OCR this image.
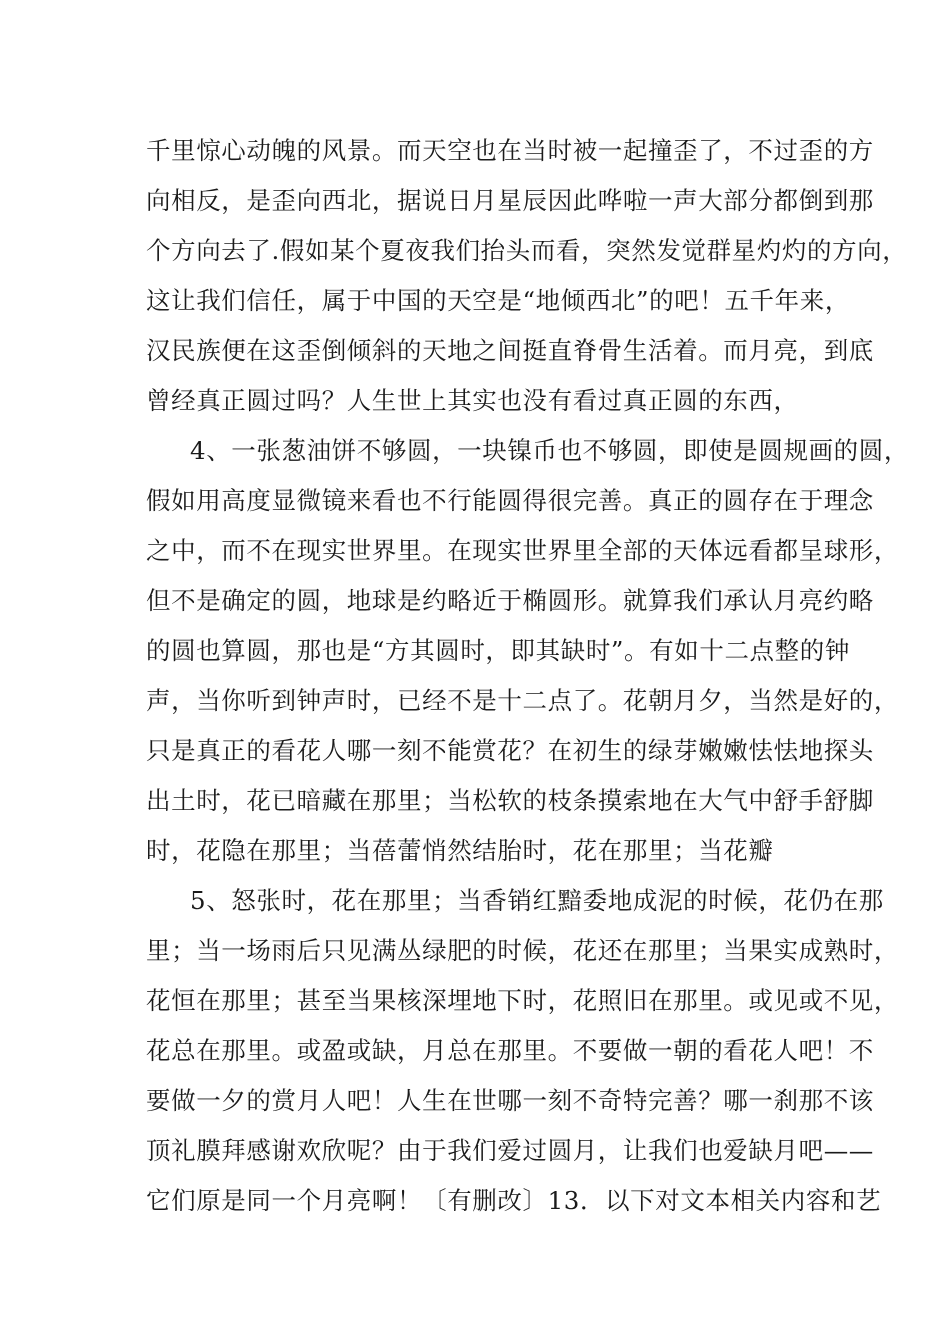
千里惊心动魄的风景。而天空也在当时被一起撞歪了，不过歪的方
向相反，是歪向西北，据说日月星辰因此哗啦一声大部分都倒到那
个方向去了.假如某个夏夜我们抬头而看，突然发觉群星灼灼的方向，
这让我们信任，属于中国的天空是“地倾西北”的吧！五千年来，
汉民族便在这歪倒倾斜的天地之间挺直脊骨生活着。而月亮，到底
曾经真正圆过吗？人生世上其实也没有看过真正圆的东西，
4、一张葱油饼不够圆，一块镍币也不够圆，即使是圆规画的圆，
假如用高度显微镜来看也不行能圆得很完善。真正的圆存在于理念
之中，而不在现实世界里。在现实世界里全部的天体远看都呈球形，
但不是确定的圆，地球是约略近于椭圆形。就算我们承认月亮约略
的圆也算圆，那也是“方其圆时，即其缺时”。有如十二点整的钟
声，当你听到钟声时，已经不是十二点了。花朝月夕，当然是好的，
只是真正的看花人哪一刻不能赏花？在初生的绿芽嫩嫩怯怯地探头
出土时，花已暗藏在那里；当松软的枝条摸索地在大气中舒手舒脚
时，花隐在那里；当蓓蕾悄然结胎时，花在那里；当花瓣
5、怒张时，花在那里；当香销红黯委地成泥的时候，花仍在那
里；当一场雨后只见满丛绿肥的时候，花还在那里；当果实成熟时，
花恒在那里；甚至当果核深埋地下时，花照旧在那里。或见或不见，
花总在那里。或盈或缺，月总在那里。不要做一朝的看花人吧！不
要做一夕的赏月人吧！人生在世哪一刻不奇特完善？哪一刹那不该
顶礼膜拜感谢欢欣呢？由于我们爱过圆月，让我们也爱缺月吧——
它们原是同一个月亮啊！〔有删改〕13．以下对文本相关内容和艺
